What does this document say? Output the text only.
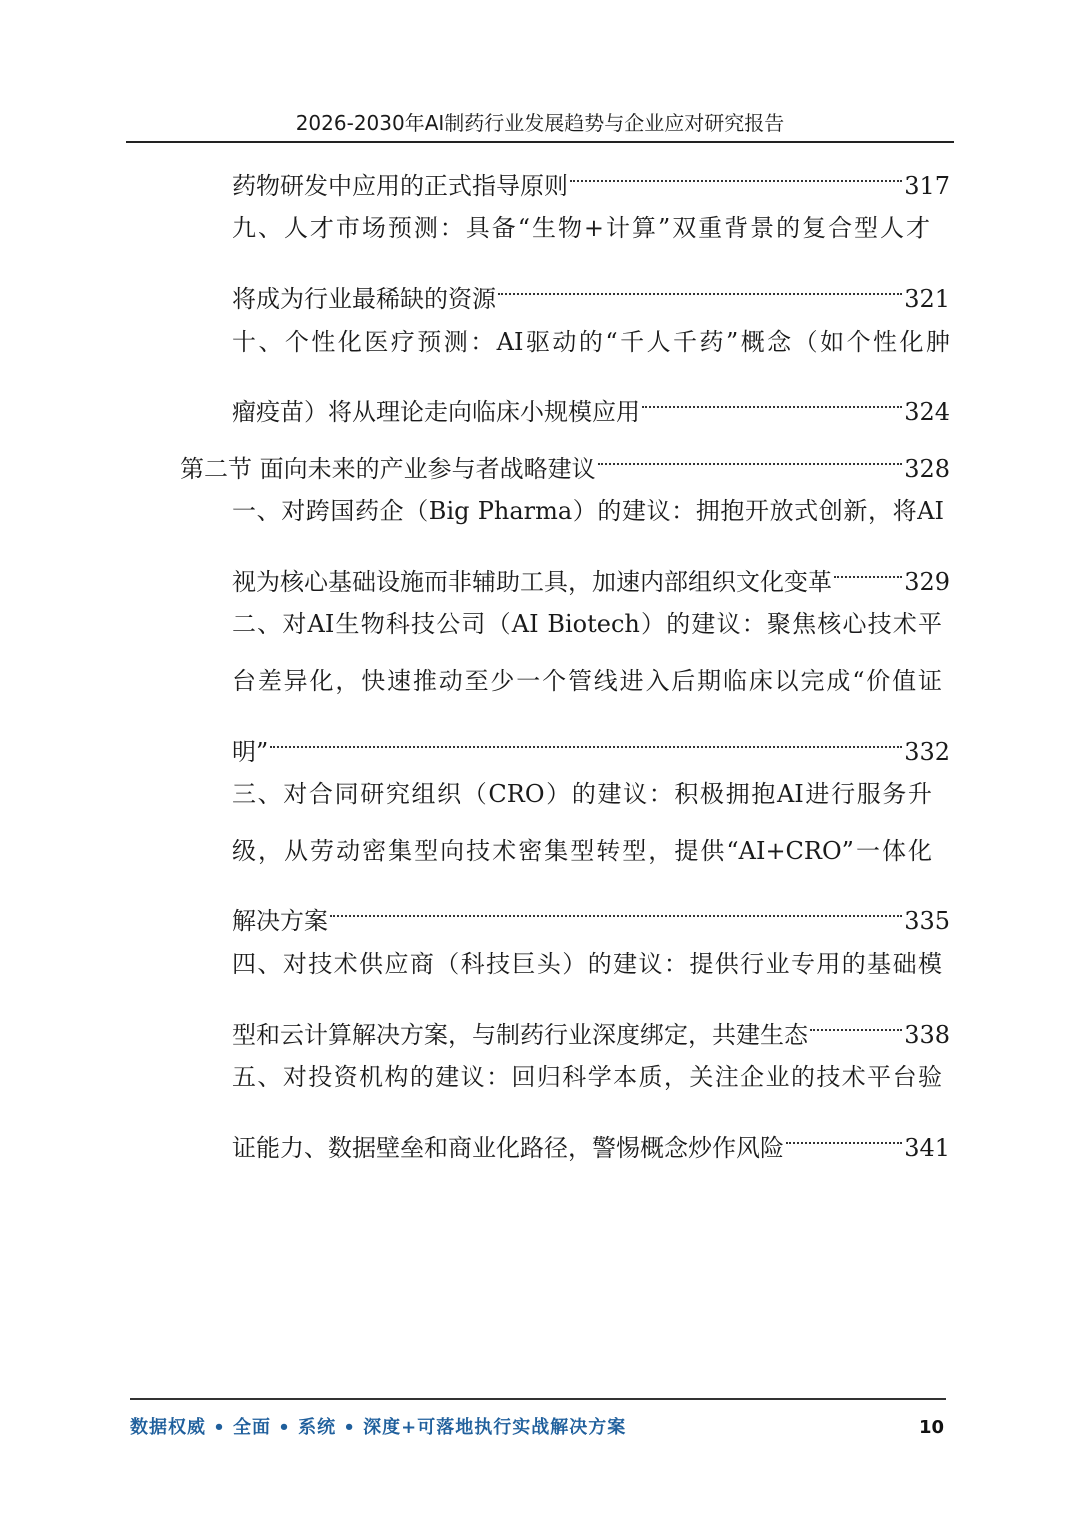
2026-2030年AI制药行业发展趋势与企业应对研究报告
药物研发中应用的正式指导原则	317
九、人才市场预测：具备“生物+计算”双重背景的复合型人才
将成为行业最稀缺的资源	321
十、个性化医疗预测：AI驱动的“千人千药”概念（如个性化肿
瘤疫苗）将从理论走向临床小规模应用	324
第二节 面向未来的产业参与者战略建议	328
一、对跨国药企（Big Pharma）的建议：拥抱开放式创新，将AI
视为核心基础设施而非辅助工具，加速内部组织文化变革	329
二、对AI生物科技公司（AI Biotech）的建议：聚焦核心技术平
台差异化，快速推动至少一个管线进入后期临床以完成“价值证
明”	332
三、对合同研究组织（CRO）的建议：积极拥抱AI进行服务升
级，从劳动密集型向技术密集型转型，提供“AI+CRO”一体化
解决方案	335
四、对技术供应商（科技巨头）的建议：提供行业专用的基础模
型和云计算解决方案，与制药行业深度绑定，共建生态	338
五、对投资机构的建议：回归科学本质，关注企业的技术平台验
证能力、数据壁垒和商业化路径，警惕概念炒作风险	341
数据权威 • 全面 • 系统 • 深度+可落地执行实战解决方案	10
